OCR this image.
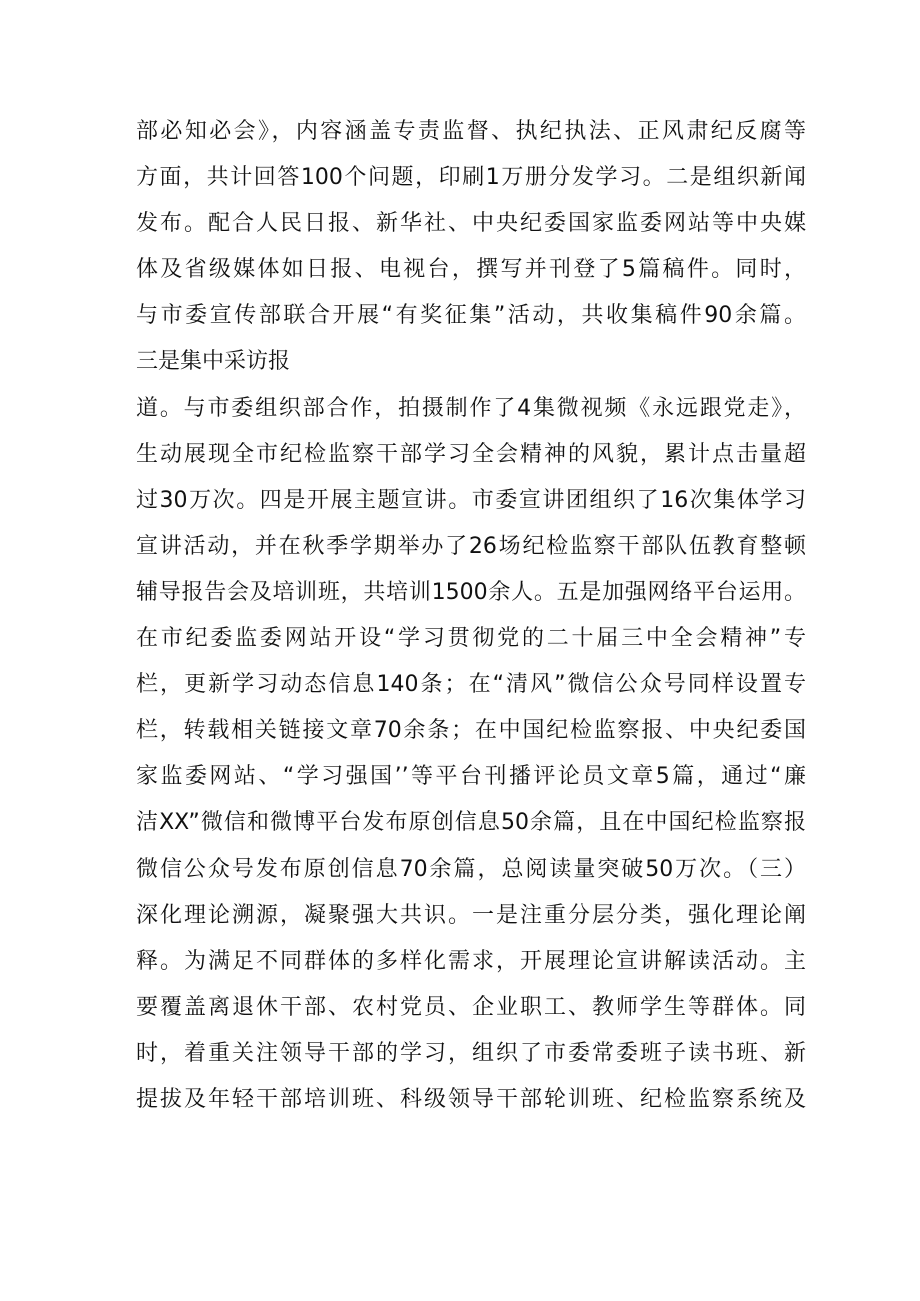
部必知必会》，内容涵盖专责监督、执纪执法、正风肃纪反腐等
方面，共计回答100个问题，印刷1万册分发学习。二是组织新闻
发布。配合人民日报、新华社、中央纪委国家监委网站等中央媒
体及省级媒体如日报、电视台，撰写并刊登了5篇稿件。同时，
与市委宣传部联合开展“有奖征集”活动，共收集稿件90余篇。
三是集中采访报
道。与市委组织部合作，拍摄制作了4集微视频《永远跟党走》，
生动展现全市纪检监察干部学习全会精神的风貌，累计点击量超
过30万次。四是开展主题宣讲。市委宣讲团组织了16次集体学习
宣讲活动，并在秋季学期举办了26场纪检监察干部队伍教育整顿
辅导报告会及培训班，共培训1500余人。五是加强网络平台运用。
在市纪委监委网站开设“学习贯彻党的二十届三中全会精神”专
栏，更新学习动态信息140条；在“清风”微信公众号同样设置专
栏，转载相关链接文章70余条；在中国纪检监察报、中央纪委国
家监委网站、“学习强国’’等平台刊播评论员文章5篇，通过“廉
洁XX”微信和微博平台发布原创信息50余篇，且在中国纪检监察报
微信公众号发布原创信息70余篇，总阅读量突破50万次。（三）
深化理论溯源，凝聚强大共识。一是注重分层分类，强化理论阐
释。为满足不同群体的多样化需求，开展理论宣讲解读活动。主
要覆盖离退休干部、农村党员、企业职工、教师学生等群体。同
时，着重关注领导干部的学习，组织了市委常委班子读书班、新
提拔及年轻干部培训班、科级领导干部轮训班、纪检监察系统及
